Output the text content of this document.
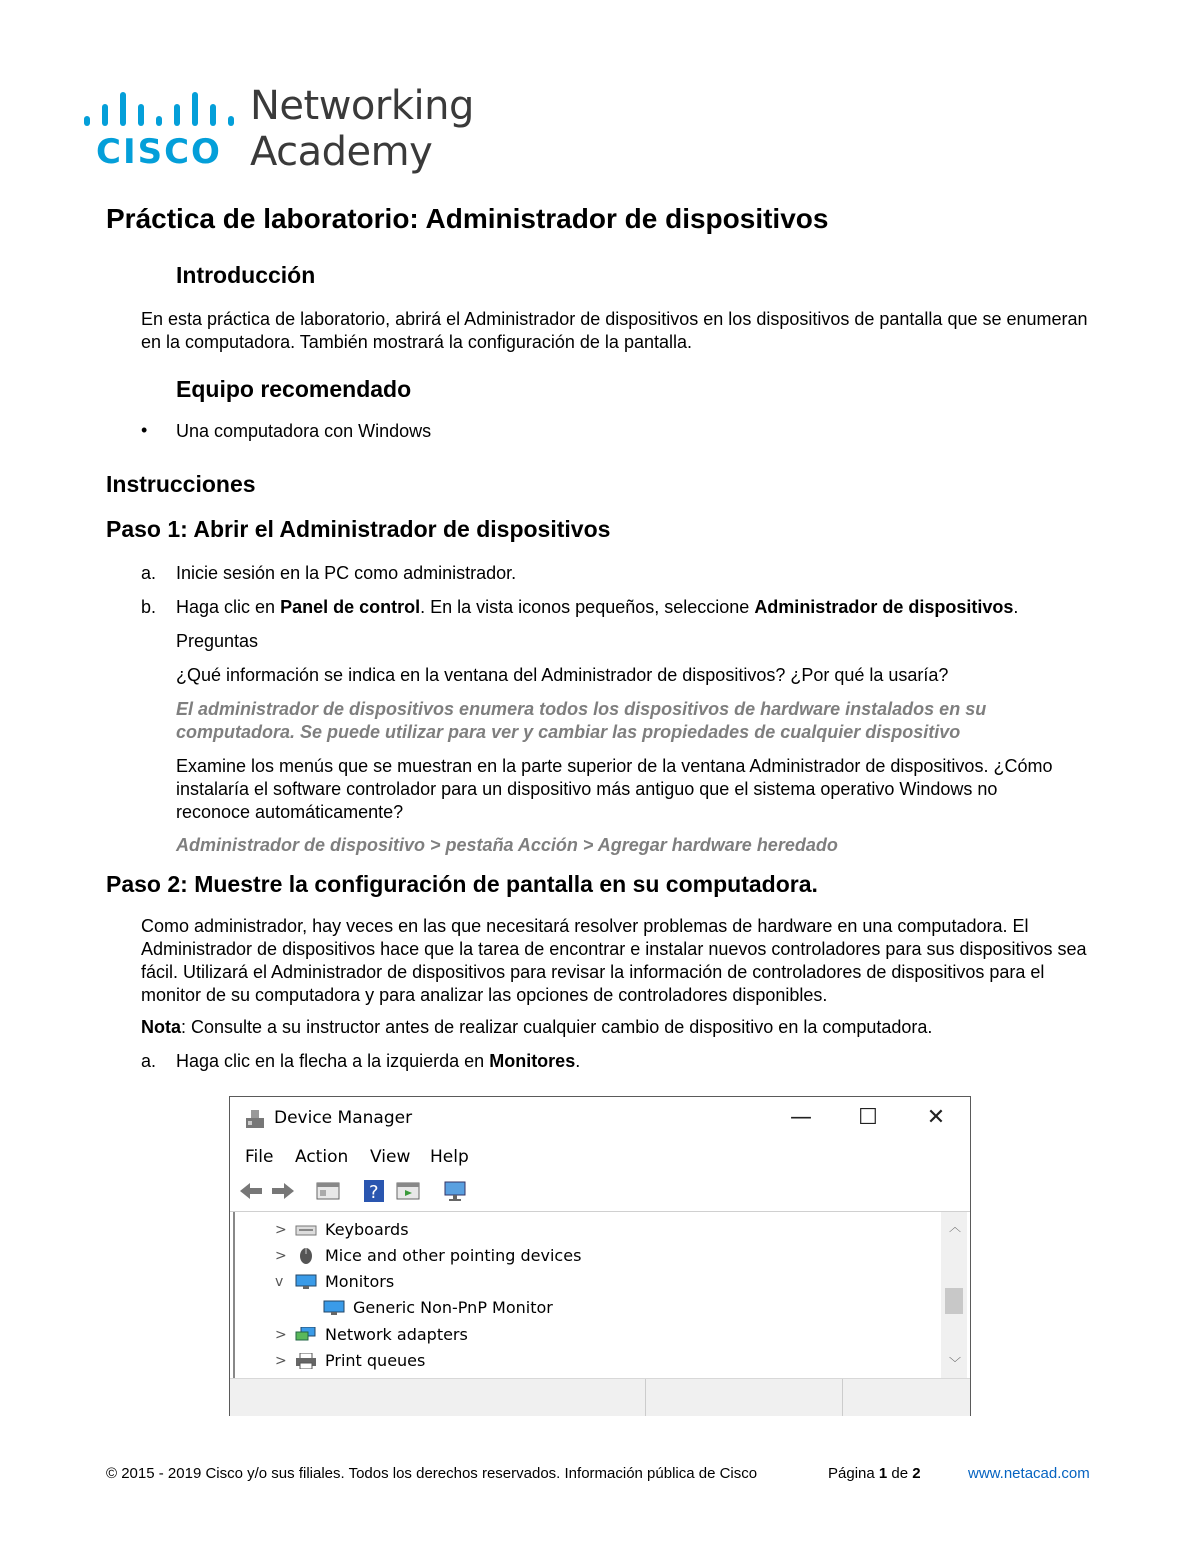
CISCO
Networking
Academy
Práctica de laboratorio: Administrador de dispositivos
Introducción

En esta práctica de laboratorio, abrirá el Administrador de dispositivos en los dispositivos de pantalla que se enumeran en la computadora. También mostrará la configuración de la pantalla.

Equipo recomendado
• Una computadora con Windows
Instrucciones
Paso 1: Abrir el Administrador de dispositivos
a. Inicie sesión en la PC como administrador.
b. Haga clic en Panel de control. En la vista iconos pequeños, seleccione Administrador de dispositivos.
Preguntas
¿Qué información se indica en la ventana del Administrador de dispositivos? ¿Por qué la usaría?
El administrador de dispositivos enumera todos los dispositivos de hardware instalados en su computadora. Se puede utilizar para ver y cambiar las propiedades de cualquier dispositivo
Examine los menús que se muestran en la parte superior de la ventana Administrador de dispositivos. ¿Cómo instalaría el software controlador para un dispositivo más antiguo que el sistema operativo Windows no reconoce automáticamente?
Administrador de dispositivo > pestaña Acción > Agregar hardware heredado
Paso 2: Muestre la configuración de pantalla en su computadora.

Como administrador, hay veces en las que necesitará resolver problemas de hardware en una computadora. El Administrador de dispositivos hace que la tarea de encontrar e instalar nuevos controladores para sus dispositivos sea fácil. Utilizará el Administrador de dispositivos para revisar la información de controladores de dispositivos para el monitor de su computadora y para analizar las opciones de controladores disponibles.

Nota: Consulte a su instructor antes de realizar cualquier cambio de dispositivo en la computadora.
a. Haga clic en la flecha a la izquierda en Monitores.
Device Manager	—	☐	✕
File Action View Help
?
> Keyboards
> Mice and other pointing devices
v	Monitors
Generic Non-PnP Monitor
> Network adapters
> Print queues
︿
﹀
© 2015 - 2019 Cisco y/o sus filiales. Todos los derechos reservados. Información pública de Cisco	Página 1 de 2	www.netacad.com
